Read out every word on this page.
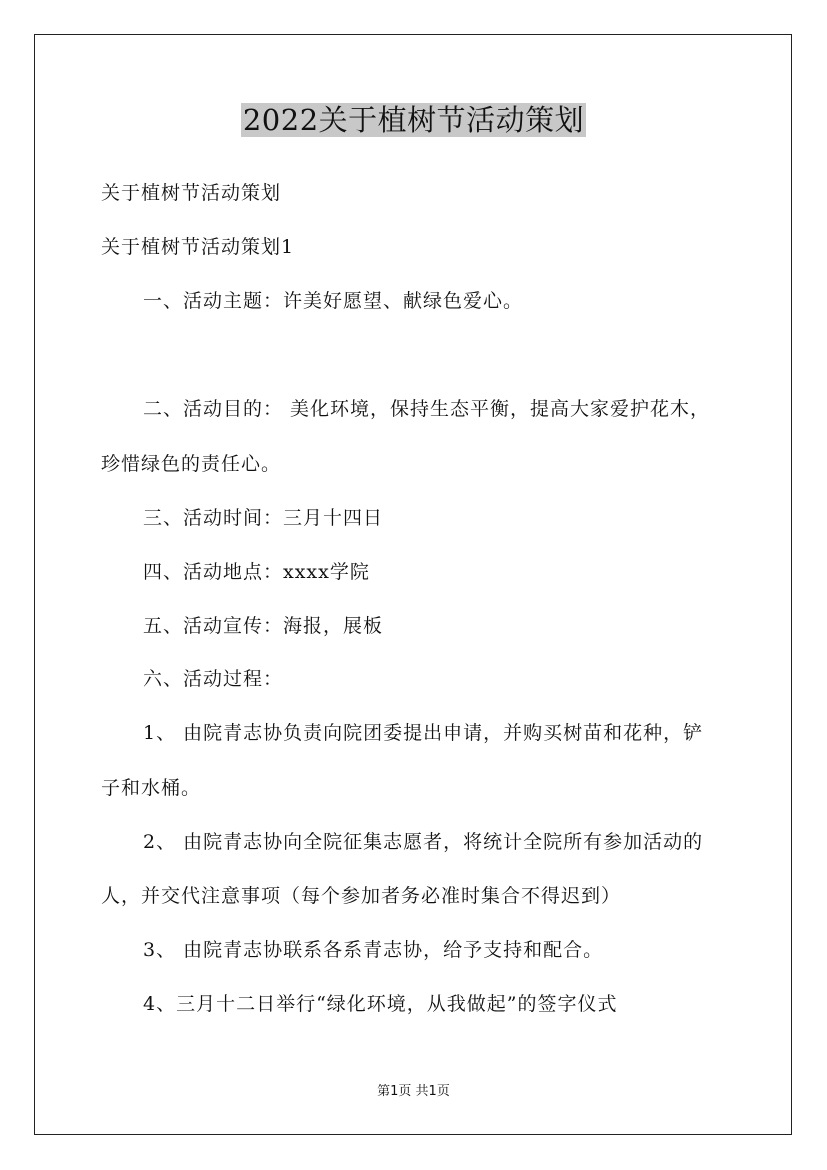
2022关于植树节活动策划
关于植树节活动策划
关于植树节活动策划1
一、活动主题：许美好愿望、献绿色爱心。
二、活动目的： 美化环境，保持生态平衡，提高大家爱护花木，
珍惜绿色的责任心。
三、活动时间：三月十四日
四、活动地点：xxxx学院
五、活动宣传：海报，展板
六、活动过程：
1、 由院青志协负责向院团委提出申请，并购买树苗和花种，铲
子和水桶。
2、 由院青志协向全院征集志愿者，将统计全院所有参加活动的
人，并交代注意事项（每个参加者务必准时集合不得迟到）
3、 由院青志协联系各系青志协，给予支持和配合。
4、三月十二日举行“绿化环境，从我做起”的签字仪式
第1页 共1页
